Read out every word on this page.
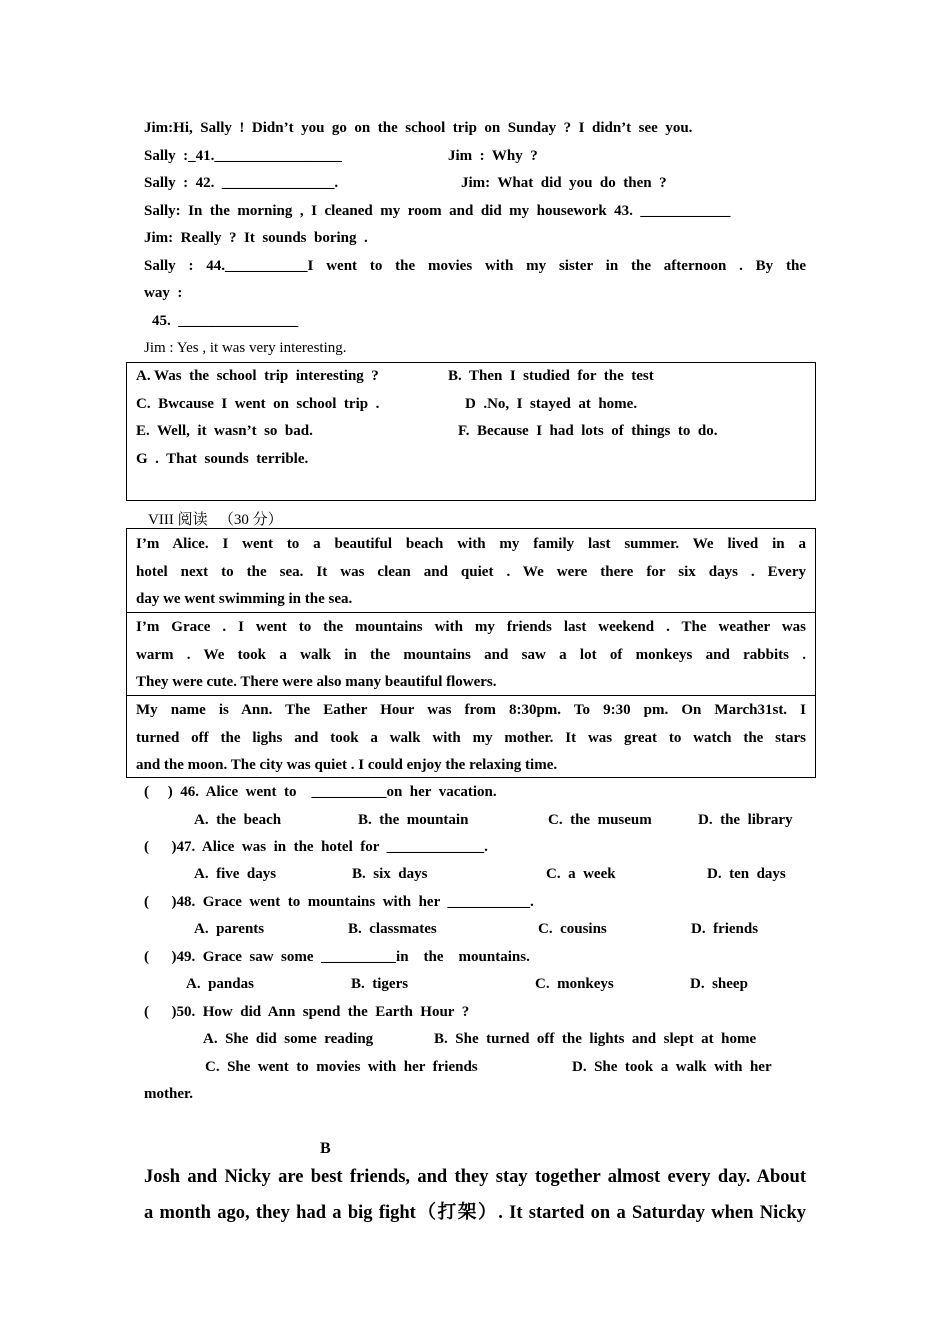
Jim:Hi,  Sally  !  Didn’t  you  go  on  the  school  trip  on  Sunday  ?  I  didn’t  see  you.
Sally  :_41._________________	Jim  :  Why  ?
Sally  :  42.  _______________.	Jim:  What  did  you  do  then  ?
Sally:  In  the  morning  ,  I  cleaned  my  room  and  did  my  housework  43.  ____________
Jim:  Really  ?  It  sounds  boring  .
Sally : 44.___________I went to the movies with my sister in the afternoon . By the
way  :
45.  ________________
Jim : Yes , it was very interesting.
A. Was  the  school  trip  interesting  ?	B.  Then  I  studied  for  the  test
C.  Bwcause  I  went  on  school  trip  .	D  .No,  I  stayed  at  home.
E.  Well,  it  wasn’t  so  bad.	F.  Because  I  had  lots  of  things  to  do.
G  .  That  sounds  terrible.
VIII 阅读   （30 分）
I’m Alice. I went to a beautiful beach with my family last summer. We lived in a
hotel next to the sea. It was clean and quiet . We were there for six days . Every
day we went swimming in the sea.
I’m Grace . I went to the mountains with my friends last weekend . The weather was
warm . We took a walk in the mountains and saw a lot of monkeys and rabbits .
They were cute. There were also many beautiful flowers.
My name is Ann. The Eather Hour was from 8:30pm. To 9:30 pm. On March31st. I
turned off the lighs and took a walk with my mother. It was great to watch the stars
and the moon. The city was quiet . I could enjoy the relaxing time.
(     )  46.  Alice  went  to    __________on  her  vacation.
A.  the  beach	B.  the  mountain	C.  the  museum	D.  the  library
(      )47.  Alice  was  in  the  hotel  for  _____________.
A.  five  days	B.  six  days	C.  a  week	D.  ten  days
(      )48.  Grace  went  to  mountains  with  her  ___________.
A.  parents	B.  classmates	C.  cousins	D.  friends
(      )49.  Grace  saw  some  __________in    the    mountains.
A.  pandas	B.  tigers	C.  monkeys	D.  sheep
(      )50.  How  did  Ann  spend  the  Earth  Hour  ?
A.  She  did  some  reading	B.  She  turned  off  the  lights  and  slept  at  home
C.  She  went  to  movies  with  her  friends	D.  She  took  a  walk  with  her
mother.
B
Josh and Nicky are best friends, and they stay together almost every day. About
a month ago, they had a big fight（打架）. It started on a Saturday when Nicky
